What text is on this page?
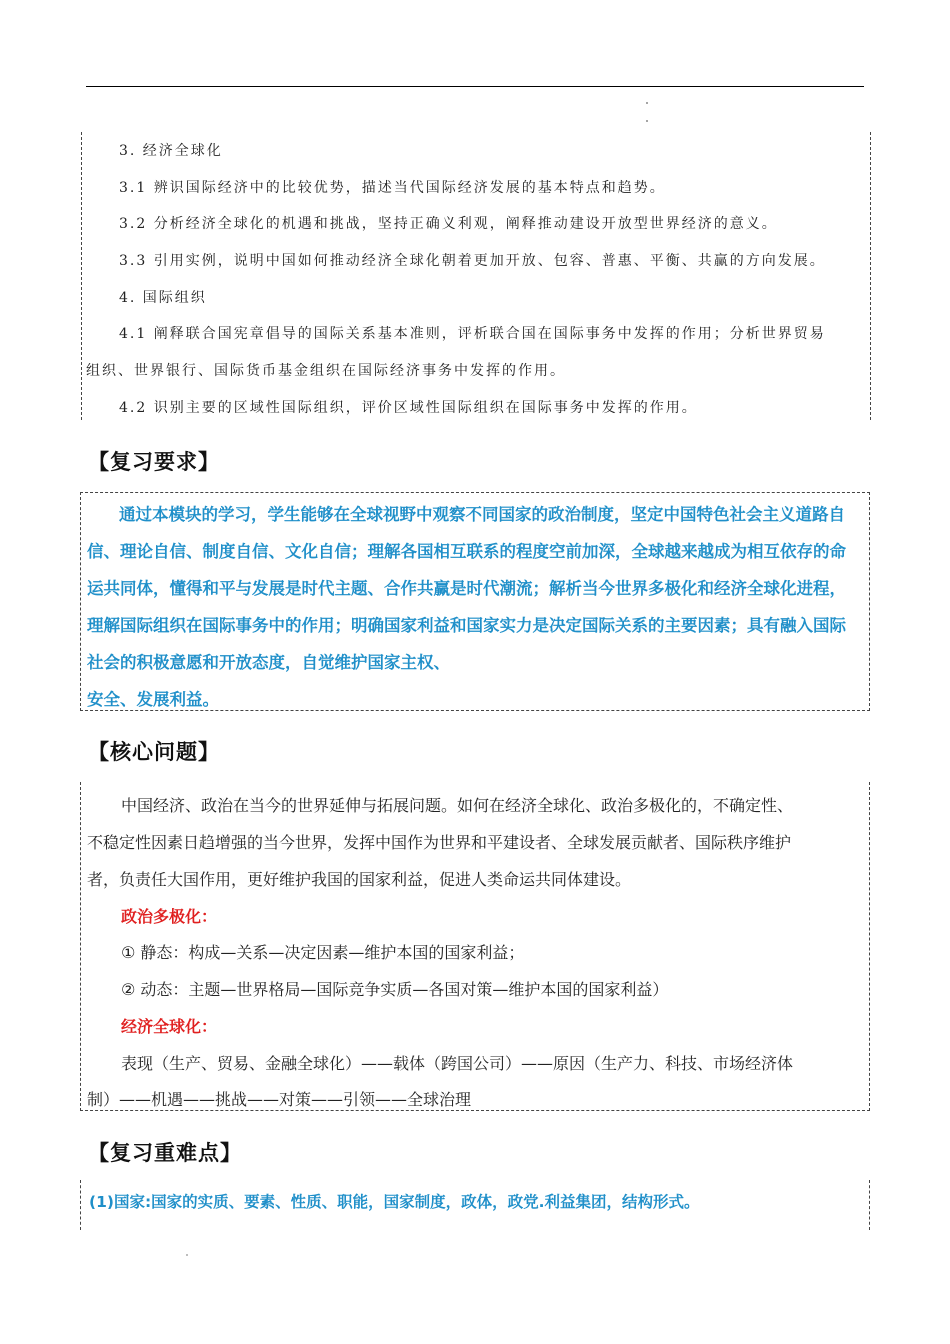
3. 经济全球化
3.1 辨识国际经济中的比较优势，描述当代国际经济发展的基本特点和趋势。
3.2 分析经济全球化的机遇和挑战，坚持正确义利观，阐释推动建设开放型世界经济的意义。
3.3 引用实例，说明中国如何推动经济全球化朝着更加开放、包容、普惠、平衡、共赢的方向发展。
4. 国际组织
4.1 阐释联合国宪章倡导的国际关系基本准则，评析联合国在国际事务中发挥的作用；分析世界贸易
组织、世界银行、国际货币基金组织在国际经济事务中发挥的作用。
4.2 识别主要的区域性国际组织，评价区域性国际组织在国际事务中发挥的作用。
【复习要求】
通过本模块的学习，学生能够在全球视野中观察不同国家的政治制度，坚定中国特色社会主义道路自
信、理论自信、制度自信、文化自信；理解各国相互联系的程度空前加深，全球越来越成为相互依存的命
运共同体，懂得和平与发展是时代主题、合作共赢是时代潮流；解析当今世界多极化和经济全球化进程，
理解国际组织在国际事务中的作用；明确国家利益和国家实力是决定国际关系的主要因素；具有融入国际
社会的积极意愿和开放态度，自觉维护国家主权、
安全、发展利益。
【核心问题】
中国经济、政治在当今的世界延伸与拓展问题。如何在经济全球化、政治多极化的，不确定性、
不稳定性因素日趋增强的当今世界，发挥中国作为世界和平建设者、全球发展贡献者、国际秩序维护
者，负责任大国作用，更好维护我国的国家利益，促进人类命运共同体建设。
政治多极化：
① 静态：构成—关系—决定因素—维护本国的国家利益；
② 动态：主题—世界格局—国际竞争实质—各国对策—维护本国的国家利益）
经济全球化：
表现（生产、贸易、金融全球化）——载体（跨国公司）——原因（生产力、科技、市场经济体
制）——机遇——挑战——对策——引领——全球治理
【复习重难点】
(1)国家:国家的实质、要素、性质、职能，国家制度，政体，政党.利益集团，结构形式。
